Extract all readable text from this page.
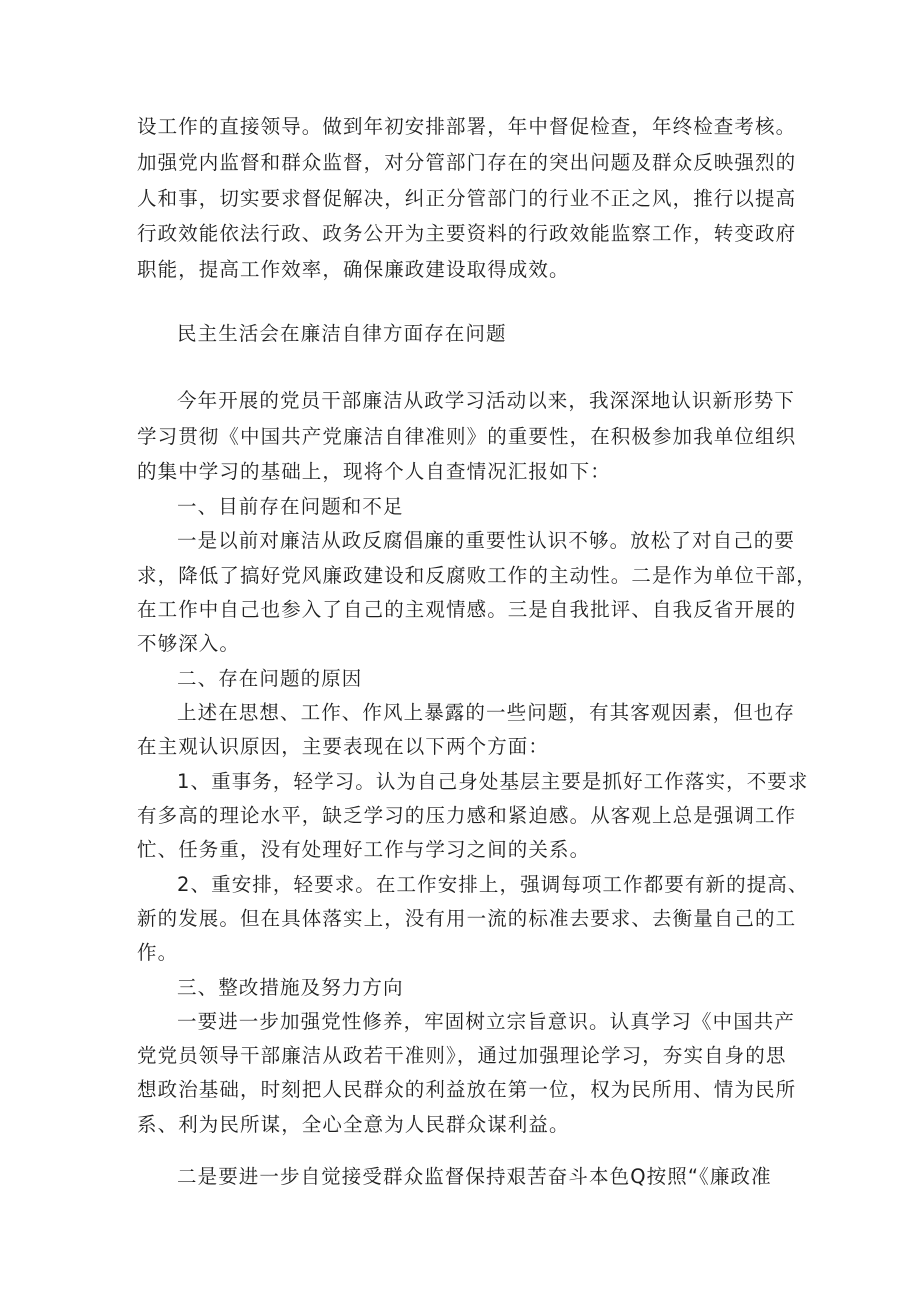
设工作的直接领导。做到年初安排部署，年中督促检查，年终检查考核。
加强党内监督和群众监督，对分管部门存在的突出问题及群众反映强烈的
人和事，切实要求督促解决，纠正分管部门的行业不正之风，推行以提高
行政效能依法行政、政务公开为主要资料的行政效能监察工作，转变政府
职能，提高工作效率，确保廉政建设取得成效。
民主生活会在廉洁自律方面存在问题
今年开展的党员干部廉洁从政学习活动以来，我深深地认识新形势下
学习贯彻《中国共产党廉洁自律准则》的重要性，在积极参加我单位组织
的集中学习的基础上，现将个人自查情况汇报如下：
一、目前存在问题和不足
一是以前对廉洁从政反腐倡廉的重要性认识不够。放松了对自己的要
求，降低了搞好党风廉政建设和反腐败工作的主动性。二是作为单位干部，
在工作中自己也参入了自己的主观情感。三是自我批评、自我反省开展的
不够深入。
二、存在问题的原因
上述在思想、工作、作风上暴露的一些问题，有其客观因素，但也存
在主观认识原因，主要表现在以下两个方面：
1、重事务，轻学习。认为自己身处基层主要是抓好工作落实，不要求
有多高的理论水平，缺乏学习的压力感和紧迫感。从客观上总是强调工作
忙、任务重，没有处理好工作与学习之间的关系。
2、重安排，轻要求。在工作安排上，强调每项工作都要有新的提高、
新的发展。但在具体落实上，没有用一流的标准去要求、去衡量自己的工
作。
三、整改措施及努力方向
一要进一步加强党性修养，牢固树立宗旨意识。认真学习《中国共产
党党员领导干部廉洁从政若干准则》，通过加强理论学习，夯实自身的思
想政治基础，时刻把人民群众的利益放在第一位，权为民所用、情为民所
系、利为民所谋，全心全意为人民群众谋利益。
二是要进一步自觉接受群众监督保持艰苦奋斗本色Q按照“《廉政准
